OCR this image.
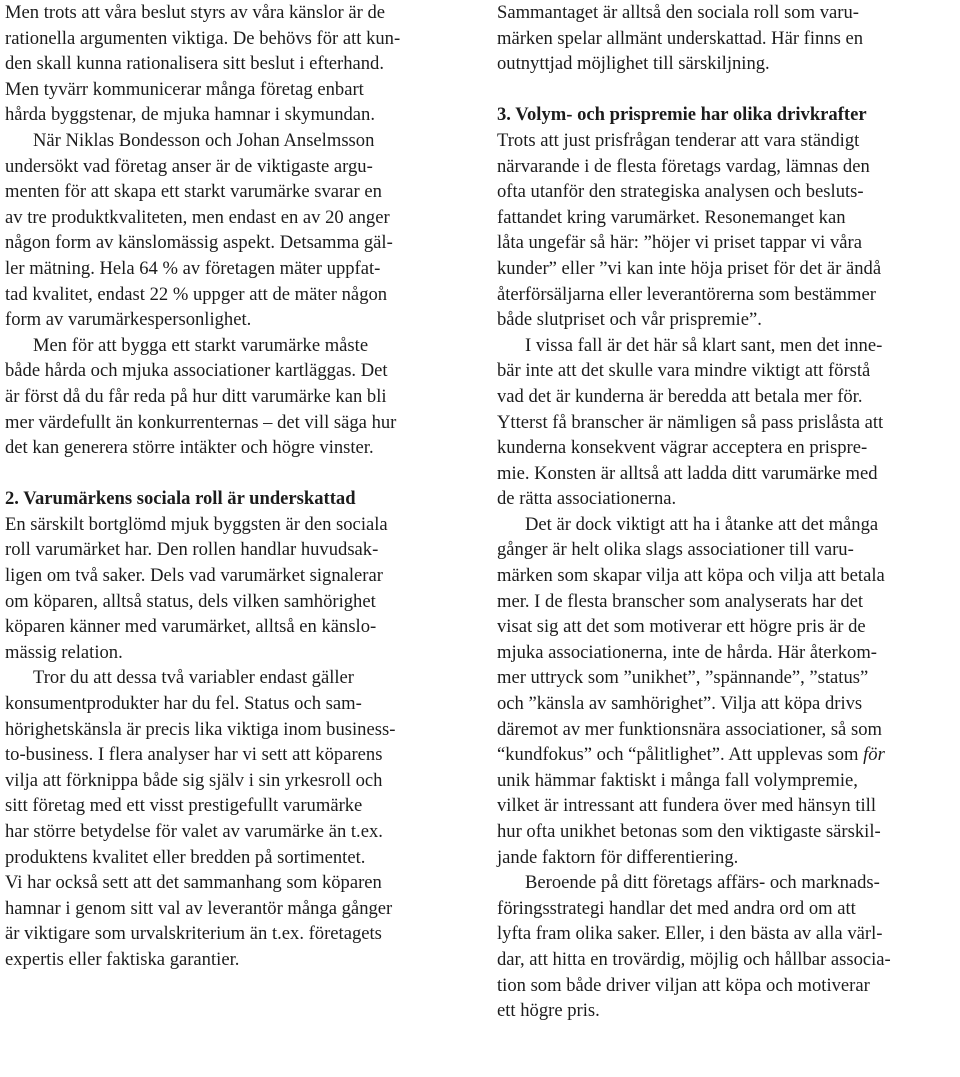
Men trots att våra beslut styrs av våra känslor är de
rationella argumenten viktiga. De behövs för att kun-
den skall kunna rationalisera sitt beslut i efterhand.
Men tyvärr kommunicerar många företag enbart
hårda byggstenar, de mjuka hamnar i skymundan.
När Niklas Bondesson och Johan Anselmsson
undersökt vad företag anser är de viktigaste argu-
menten för att skapa ett starkt varumärke svarar en
av tre produktkvaliteten, men endast en av 20 anger
någon form av känslomässig aspekt. Detsamma gäl-
ler mätning. Hela 64 % av företagen mäter uppfat-
tad kvalitet, endast 22 % uppger att de mäter någon
form av varumärkespersonlighet.
Men för att bygga ett starkt varumärke måste
både hårda och mjuka associationer kartläggas. Det
är först då du får reda på hur ditt varumärke kan bli
mer värdefullt än konkurrenternas – det vill säga hur
det kan generera större intäkter och högre vinster.
2. Varumärkens sociala roll är underskattad
En särskilt bortglömd mjuk byggsten är den sociala
roll varumärket har. Den rollen handlar huvudsak-
ligen om två saker. Dels vad varumärket signalerar
om köparen, alltså status, dels vilken samhörighet
köparen känner med varumärket, alltså en känslo-
mässig relation.
Tror du att dessa två variabler endast gäller
konsumentprodukter har du fel. Status och sam-
hörighetskänsla är precis lika viktiga inom business-
to-business. I flera analyser har vi sett att köparens
vilja att förknippa både sig själv i sin yrkesroll och
sitt företag med ett visst prestigefullt varumärke
har större betydelse för valet av varumärke än t.ex.
produktens kvalitet eller bredden på sortimentet.
Vi har också sett att det sammanhang som köparen
hamnar i genom sitt val av leverantör många gånger
är viktigare som urvalskriterium än t.ex. företagets
expertis eller faktiska garantier.
Sammantaget är alltså den sociala roll som varu-
märken spelar allmänt underskattad. Här finns en
outnyttjad möjlighet till särskiljning.
3. Volym- och prispremie har olika drivkrafter
Trots att just prisfrågan tenderar att vara ständigt
närvarande i de flesta företags vardag, lämnas den
ofta utanför den strategiska analysen och besluts-
fattandet kring varumärket. Resonemanget kan
låta ungefär så här: ”höjer vi priset tappar vi våra
kunder” eller ”vi kan inte höja priset för det är ändå
återförsäljarna eller leverantörerna som bestämmer
både slutpriset och vår prispremie”.
I vissa fall är det här så klart sant, men det inne-
bär inte att det skulle vara mindre viktigt att förstå
vad det är kunderna är beredda att betala mer för.
Ytterst få branscher är nämligen så pass prislåsta att
kunderna konsekvent vägrar acceptera en prispre-
mie. Konsten är alltså att ladda ditt varumärke med
de rätta associationerna.
Det är dock viktigt att ha i åtanke att det många
gånger är helt olika slags associationer till varu-
märken som skapar vilja att köpa och vilja att betala
mer. I de flesta branscher som analyserats har det
visat sig att det som motiverar ett högre pris är de
mjuka associationerna, inte de hårda. Här återkom-
mer uttryck som ”unikhet”, ”spännande”, ”status”
och ”känsla av samhörighet”. Vilja att köpa drivs
däremot av mer funktionsnära associationer, så som
“kundfokus” och “pålitlighet”. Att upplevas som för
unik hämmar faktiskt i många fall volympremie,
vilket är intressant att fundera över med hänsyn till
hur ofta unikhet betonas som den viktigaste särskil-
jande faktorn för differentiering.
Beroende på ditt företags affärs- och marknads-
föringsstrategi handlar det med andra ord om att
lyfta fram olika saker. Eller, i den bästa av alla värl-
dar, att hitta en trovärdig, möjlig och hållbar associa-
tion som både driver viljan att köpa och motiverar
ett högre pris.
